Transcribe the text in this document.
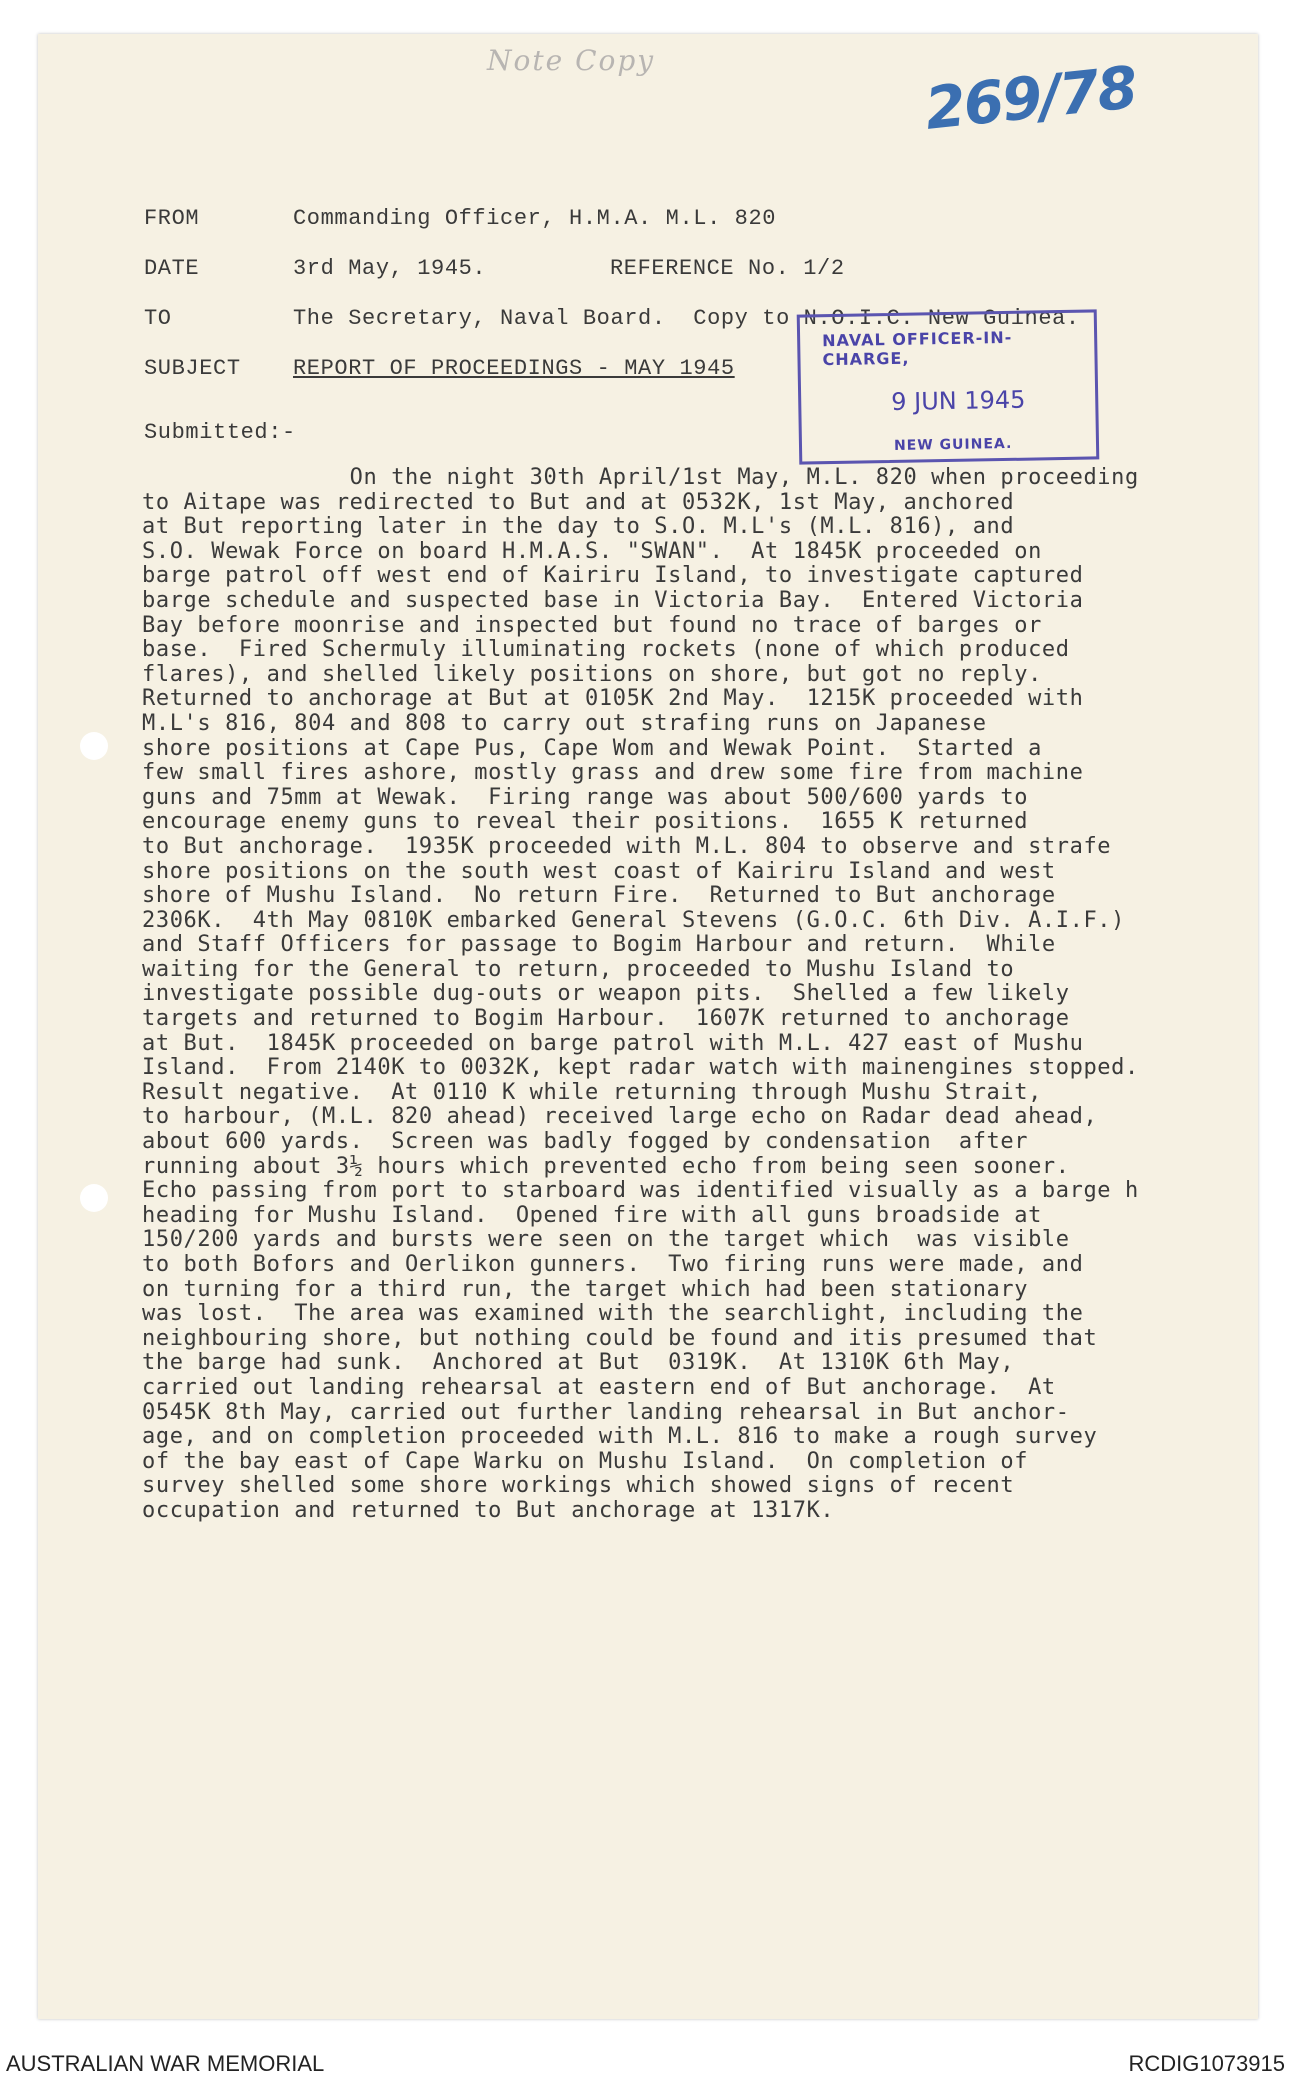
Note Copy	269/78
FROM	Commanding Officer, H.M.A. M.L. 820
DATE	3rd May, 1945.	REFERENCE No. 1/2
TO	The Secretary, Naval Board.  Copy to N.O.I.C. New Guinea.
SUBJECT REPORT OF PROCEEDINGS - MAY 1945
NAVAL OFFICER-IN-CHARGE,
9 JUN 1945
NEW GUINEA.
Submitted:-
On the night 30th April/1st May, M.L. 820 when proceeding
to Aitape was redirected to But and at 0532K, 1st May, anchored
at But reporting later in the day to S.O. M.L's (M.L. 816), and
S.O. Wewak Force on board H.M.A.S. "SWAN".  At 1845K proceeded on
barge patrol off west end of Kairiru Island, to investigate captured
barge schedule and suspected base in Victoria Bay.  Entered Victoria
Bay before moonrise and inspected but found no trace of barges or
base.  Fired Schermuly illuminating rockets (none of which produced
flares), and shelled likely positions on shore, but got no reply.
Returned to anchorage at But at 0105K 2nd May.  1215K proceeded with
M.L's 816, 804 and 808 to carry out strafing runs on Japanese
shore positions at Cape Pus, Cape Wom and Wewak Point.  Started a
few small fires ashore, mostly grass and drew some fire from machine
guns and 75mm at Wewak.  Firing range was about 500/600 yards to
encourage enemy guns to reveal their positions.  1655 K returned
to But anchorage.  1935K proceeded with M.L. 804 to observe and strafe
shore positions on the south west coast of Kairiru Island and west
shore of Mushu Island.  No return Fire.  Returned to But anchorage
2306K.  4th May 0810K embarked General Stevens (G.O.C. 6th Div. A.I.F.)
and Staff Officers for passage to Bogim Harbour and return.  While
waiting for the General to return, proceeded to Mushu Island to
investigate possible dug-outs or weapon pits.  Shelled a few likely
targets and returned to Bogim Harbour.  1607K returned to anchorage
at But.  1845K proceeded on barge patrol with M.L. 427 east of Mushu
Island.  From 2140K to 0032K, kept radar watch with mainengines stopped.
Result negative.  At 0110 K while returning through Mushu Strait,
to harbour, (M.L. 820 ahead) received large echo on Radar dead ahead,
about 600 yards.  Screen was badly fogged by condensation  after
running about 3½ hours which prevented echo from being seen sooner.
Echo passing from port to starboard was identified visually as a barge h
heading for Mushu Island.  Opened fire with all guns broadside at
150/200 yards and bursts were seen on the target which  was visible
to both Bofors and Oerlikon gunners.  Two firing runs were made, and
on turning for a third run, the target which had been stationary
was lost.  The area was examined with the searchlight, including the
neighbouring shore, but nothing could be found and itis presumed that
the barge had sunk.  Anchored at But  0319K.  At 1310K 6th May,
carried out landing rehearsal at eastern end of But anchorage.  At
0545K 8th May, carried out further landing rehearsal in But anchor-
age, and on completion proceeded with M.L. 816 to make a rough survey
of the bay east of Cape Warku on Mushu Island.  On completion of
survey shelled some shore workings which showed signs of recent
occupation and returned to But anchorage at 1317K.
AUSTRALIAN WAR MEMORIAL	RCDIG1073915
